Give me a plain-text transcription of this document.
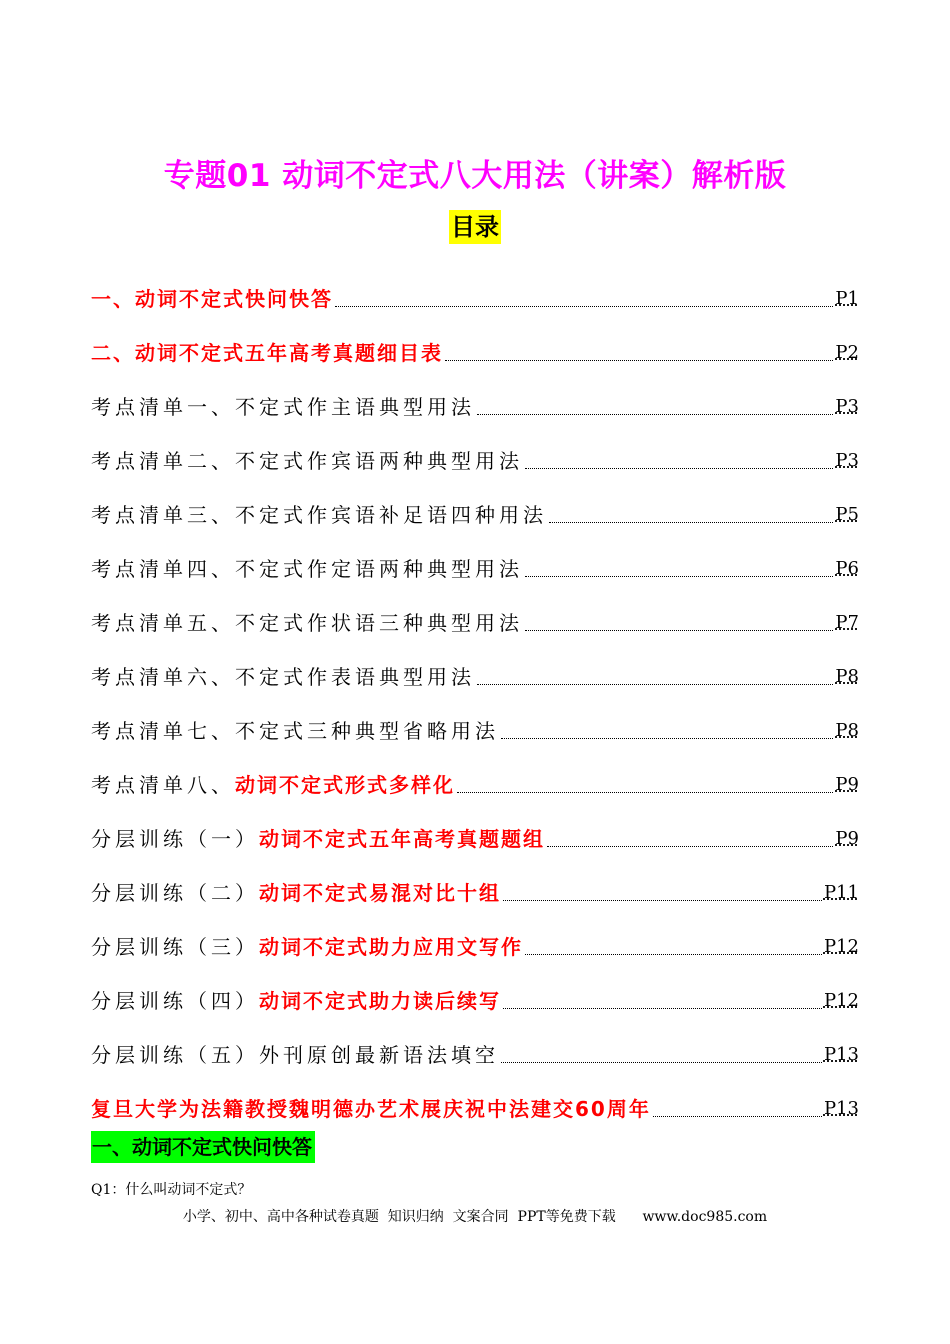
专题01 动词不定式八大用法（讲案）解析版
目录
一、动词不定式快问快答	P1
二、动词不定式五年高考真题细目表	P2
考点清单一、不定式作主语典型用法	P3
考点清单二、不定式作宾语两种典型用法	P3
考点清单三、不定式作宾语补足语四种用法	P5
考点清单四、不定式作定语两种典型用法	P6
考点清单五、不定式作状语三种典型用法	P7
考点清单六、不定式作表语典型用法	P8
考点清单七、不定式三种典型省略用法	P8
考点清单八、动词不定式形式多样化	P9
分层训练（一）动词不定式五年高考真题题组	P9
分层训练（二）动词不定式易混对比十组	P11
分层训练（三）动词不定式助力应用文写作	P12
分层训练（四）动词不定式助力读后续写	P12
分层训练（五）外刊原创最新语法填空	P13
复旦大学为法籍教授魏明德办艺术展庆祝中法建交60周年	P13
一、动词不定式快问快答
Q1：什么叫动词不定式？
小学、初中、高中各种试卷真题  知识归纳  文案合同  PPT等免费下载      www.doc985.com
